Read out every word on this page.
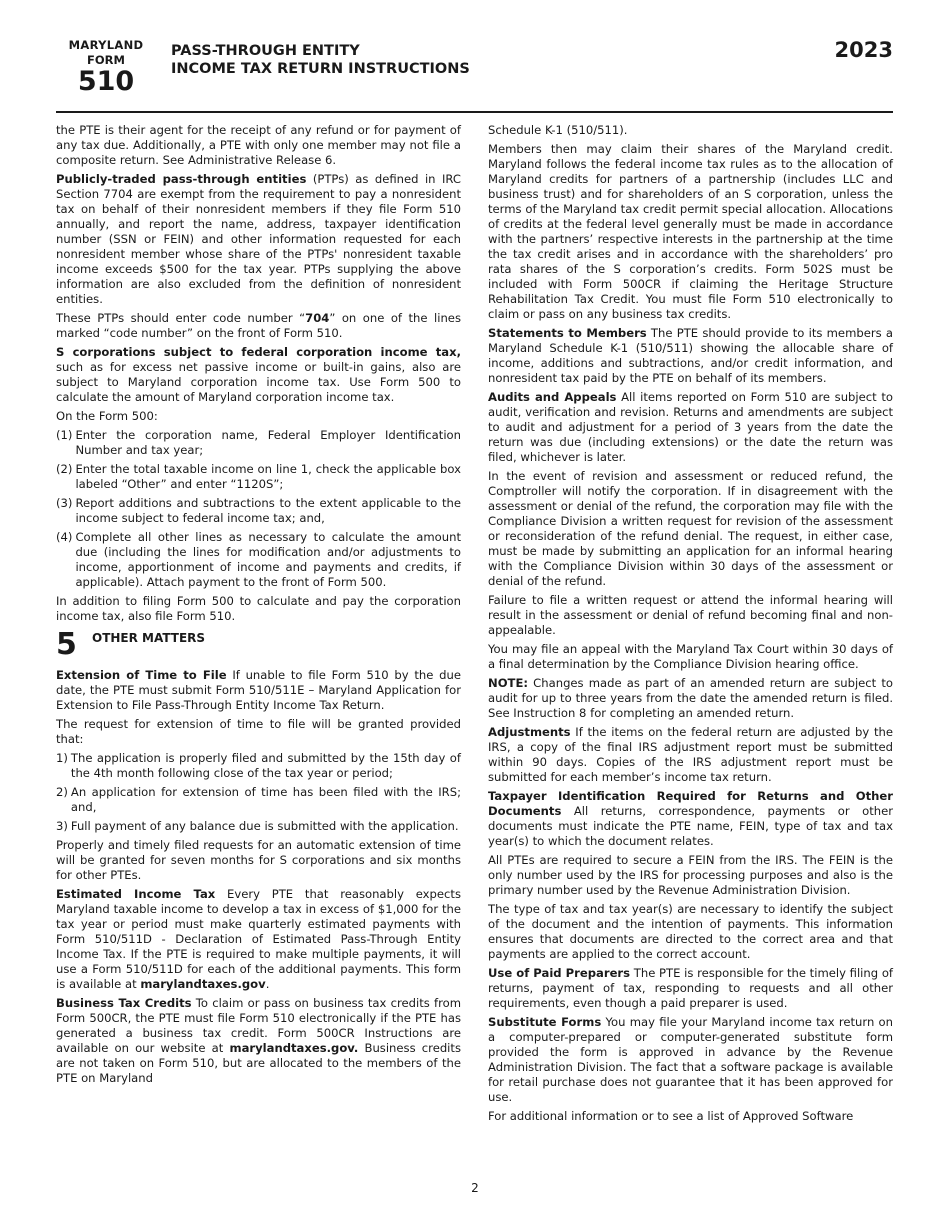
MARYLAND
FORM
510
PASS-THROUGH ENTITY
INCOME TAX RETURN INSTRUCTIONS
2023

the PTE is their agent for the receipt of any refund or for payment of any tax due. Additionally, a PTE with only one member may not file a composite return. See Administrative Release 6.

Publicly-traded pass-through entities (PTPs) as defined in IRC Section 7704 are exempt from the requirement to pay a nonresident tax on behalf of their nonresident members if they file Form 510 annually, and report the name, address, taxpayer identification number (SSN or FEIN) and other information requested for each nonresident member whose share of the PTPs' nonresident taxable income exceeds $500 for the tax year. PTPs supplying the above information are also excluded from the definition of nonresident entities.

These PTPs should enter code number “704” on one of the lines marked “code number” on the front of Form 510.

S corporations subject to federal corporation income tax, such as for excess net passive income or built-in gains, also are subject to Maryland corporation income tax. Use Form 500 to calculate the amount of Maryland corporation income tax.

On the Form 500:

(1) Enter the corporation name, Federal Employer Identification Number and tax year;
(2) Enter the total taxable income on line 1, check the applicable box labeled “Other” and enter “1120S”;
(3) Report additions and subtractions to the extent applicable to the income subject to federal income tax; and,
(4) Complete all other lines as necessary to calculate the amount due (including the lines for modification and/or adjustments to income, apportionment of income and payments and credits, if applicable). Attach payment to the front of Form 500.

In addition to filing Form 500 to calculate and pay the corporation income tax, also file Form 510.

5	OTHER MATTERS

Extension of Time to File If unable to file Form 510 by the due date, the PTE must submit Form 510/511E – Maryland Application for Extension to File Pass-Through Entity Income Tax Return.

The request for extension of time to file will be granted provided that:

1) The application is properly filed and submitted by the 15th day of the 4th month following close of the tax year or period;
2) An application for extension of time has been filed with the IRS; and,
3) Full payment of any balance due is submitted with the application.

Properly and timely filed requests for an automatic extension of time will be granted for seven months for S corporations and six months for other PTEs.

Estimated Income Tax Every PTE that reasonably expects Maryland taxable income to develop a tax in excess of $1,000 for the tax year or period must make quarterly estimated payments with Form 510/511D - Declaration of Estimated Pass-Through Entity Income Tax. If the PTE is required to make multiple payments, it will use a Form 510/511D for each of the additional payments. This form is available at marylandtaxes.gov.

Business Tax Credits To claim or pass on business tax credits from Form 500CR, the PTE must file Form 510 electronically if the PTE has generated a business tax credit. Form 500CR Instructions are available on our website at marylandtaxes.gov. Business credits are not taken on Form 510, but are allocated to the members of the PTE on Maryland

Schedule K-1 (510/511).

Members then may claim their shares of the Maryland credit. Maryland follows the federal income tax rules as to the allocation of Maryland credits for partners of a partnership (includes LLC and business trust) and for shareholders of an S corporation, unless the terms of the Maryland tax credit permit special allocation. Allocations of credits at the federal level generally must be made in accordance with the partners’ respective interests in the partnership at the time the tax credit arises and in accordance with the shareholders’ pro rata shares of the S corporation’s credits. Form 502S must be included with Form 500CR if claiming the Heritage Structure Rehabilitation Tax Credit. You must file Form 510 electronically to claim or pass on any business tax credits.

Statements to Members The PTE should provide to its members a Maryland Schedule K-1 (510/511) showing the allocable share of income, additions and subtractions, and/or credit information, and nonresident tax paid by the PTE on behalf of its members.

Audits and Appeals All items reported on Form 510 are subject to audit, verification and revision. Returns and amendments are subject to audit and adjustment for a period of 3 years from the date the return was due (including extensions) or the date the return was filed, whichever is later.

In the event of revision and assessment or reduced refund, the Comptroller will notify the corporation. If in disagreement with the assessment or denial of the refund, the corporation may file with the Compliance Division a written request for revision of the assessment or reconsideration of the refund denial. The request, in either case, must be made by submitting an application for an informal hearing with the Compliance Division within 30 days of the assessment or denial of the refund.

Failure to file a written request or attend the informal hearing will result in the assessment or denial of refund becoming final and non-appealable.

You may file an appeal with the Maryland Tax Court within 30 days of a final determination by the Compliance Division hearing office.

NOTE: Changes made as part of an amended return are subject to audit for up to three years from the date the amended return is filed. See Instruction 8 for completing an amended return.

Adjustments If the items on the federal return are adjusted by the IRS, a copy of the final IRS adjustment report must be submitted within 90 days. Copies of the IRS adjustment report must be submitted for each member’s income tax return.

Taxpayer Identification Required for Returns and Other Documents All returns, correspondence, payments or other documents must indicate the PTE name, FEIN, type of tax and tax year(s) to which the document relates.

All PTEs are required to secure a FEIN from the IRS. The FEIN is the only number used by the IRS for processing purposes and also is the primary number used by the Revenue Administration Division.

The type of tax and tax year(s) are necessary to identify the subject of the document and the intention of payments. This information ensures that documents are directed to the correct area and that payments are applied to the correct account.

Use of Paid Preparers The PTE is responsible for the timely filing of returns, payment of tax, responding to requests and all other requirements, even though a paid preparer is used.

Substitute Forms You may file your Maryland income tax return on a computer-prepared or computer-generated substitute form provided the form is approved in advance by the Revenue Administration Division. The fact that a software package is available for retail purchase does not guarantee that it has been approved for use.

For additional information or to see a list of Approved Software

2
